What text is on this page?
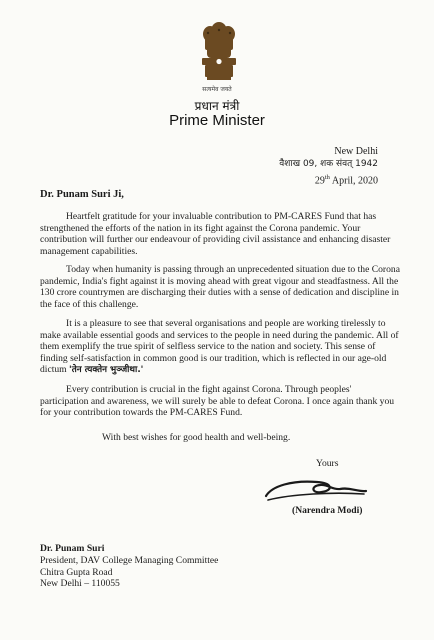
सत्यमेव जयते
प्रधान मंत्री
Prime Minister
New Delhi
वैशाख 09, शक संवत् 1942
29th April, 2020
Dr. Punam Suri Ji,

Heartfelt gratitude for your invaluable contribution to PM-CARES Fund that has strengthened the efforts of the nation in its fight against the Corona pandemic. Your contribution will further our endeavour of providing civil assistance and enhancing disaster management capabilities.

Today when humanity is passing through an unprecedented situation due to the Corona pandemic, India's fight against it is moving ahead with great vigour and steadfastness. All the 130 crore countrymen are discharging their duties with a sense of dedication and discipline in the face of this challenge.

It is a pleasure to see that several organisations and people are working tirelessly to make available essential goods and services to the people in need during the pandemic. All of them exemplify the true spirit of selfless service to the nation and society. This sense of finding self-satisfaction in common good is our tradition, which is reflected in our age-old dictum 'तेन त्यक्तेन भुञ्जीथा.'

Every contribution is crucial in the fight against Corona. Through peoples' participation and awareness, we will surely be able to defeat Corona. I once again thank you for your contribution towards the PM-CARES Fund.

With best wishes for good health and well-being.
Yours
(Narendra Modi)
Dr. Punam Suri
President, DAV College Managing Committee
Chitra Gupta Road
New Delhi – 110055
